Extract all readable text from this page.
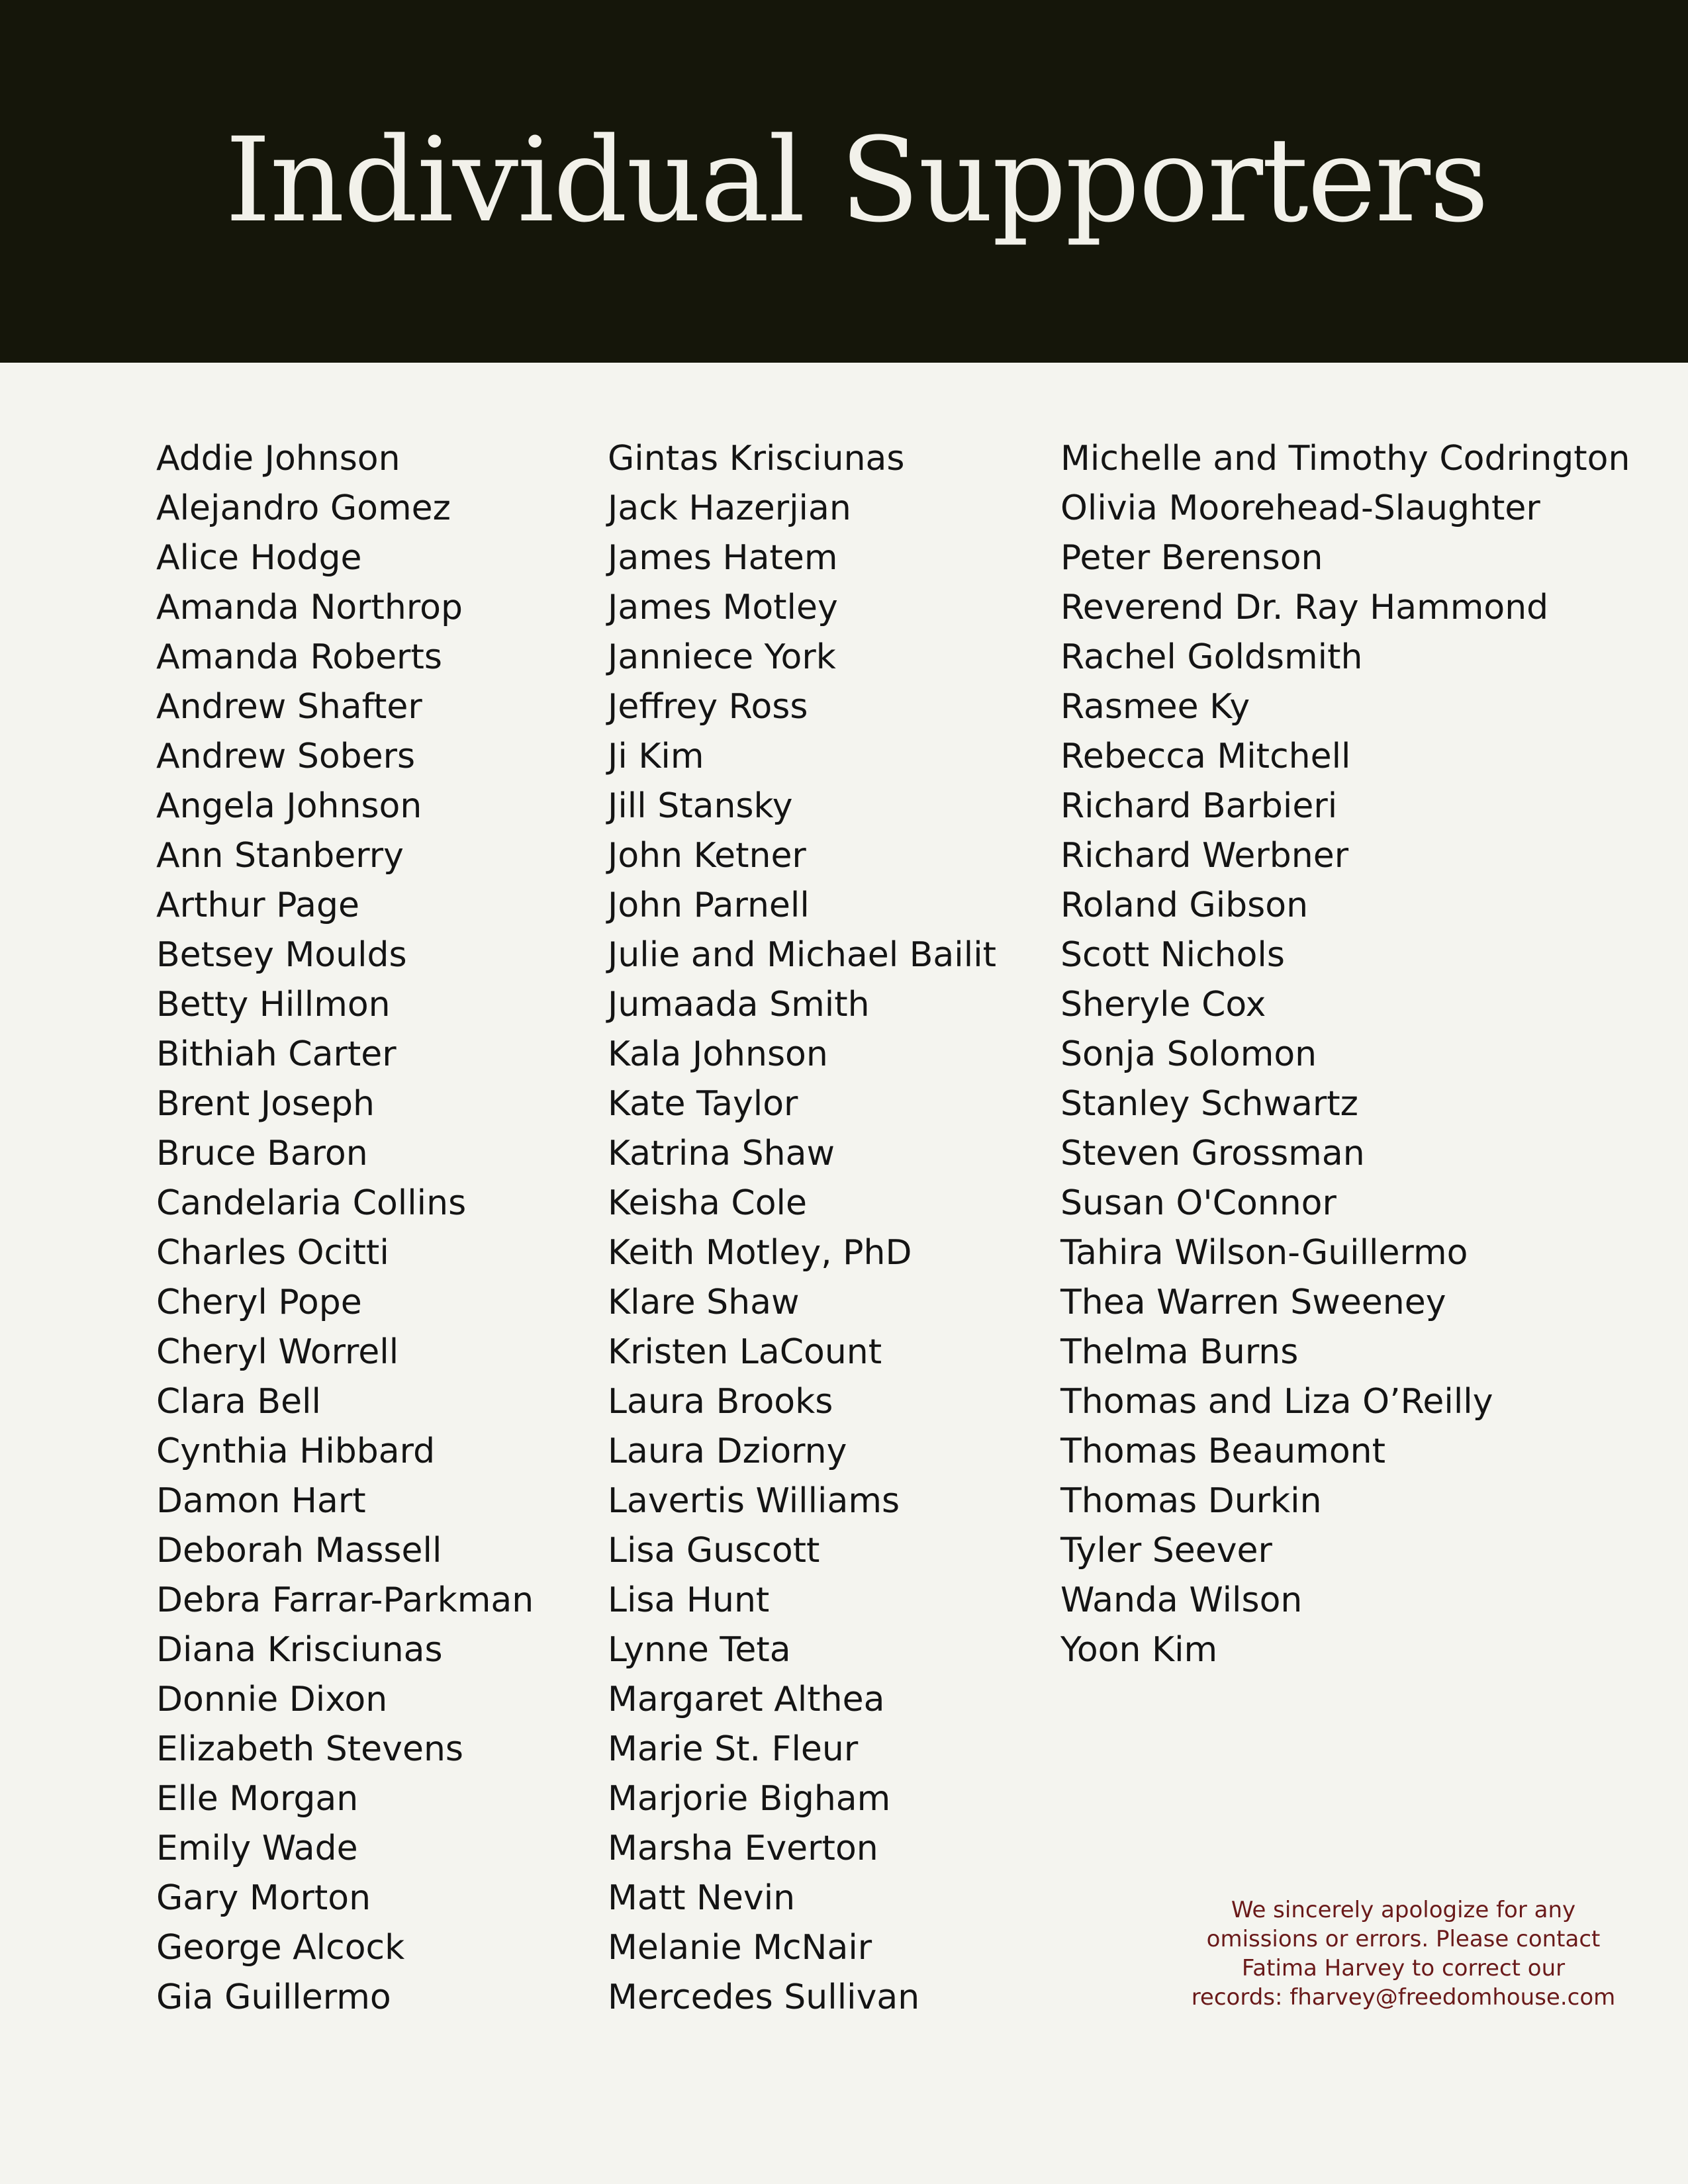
Individual Supporters
Addie Johnson
Alejandro Gomez
Alice Hodge
Amanda Northrop
Amanda Roberts
Andrew Shafter
Andrew Sobers
Angela Johnson
Ann Stanberry
Arthur Page
Betsey Moulds
Betty Hillmon
Bithiah Carter
Brent Joseph
Bruce Baron
Candelaria Collins
Charles Ocitti
Cheryl Pope
Cheryl Worrell
Clara Bell
Cynthia Hibbard
Damon Hart
Deborah Massell
Debra Farrar-Parkman
Diana Krisciunas
Donnie Dixon
Elizabeth Stevens
Elle Morgan
Emily Wade
Gary Morton
George Alcock
Gia Guillermo
Gintas Krisciunas
Jack Hazerjian
James Hatem
James Motley
Janniece York
Jeffrey Ross
Ji Kim
Jill Stansky
John Ketner
John Parnell
Julie and Michael Bailit
Jumaada Smith
Kala Johnson
Kate Taylor
Katrina Shaw
Keisha Cole
Keith Motley, PhD
Klare Shaw
Kristen LaCount
Laura Brooks
Laura Dziorny
Lavertis Williams
Lisa Guscott
Lisa Hunt
Lynne Teta
Margaret Althea
Marie St. Fleur
Marjorie Bigham
Marsha Everton
Matt Nevin
Melanie McNair
Mercedes Sullivan
Michelle and Timothy Codrington
Olivia Moorehead-Slaughter
Peter Berenson
Reverend Dr. Ray Hammond
Rachel Goldsmith
Rasmee Ky
Rebecca Mitchell
Richard Barbieri
Richard Werbner
Roland Gibson
Scott Nichols
Sheryle Cox
Sonja Solomon
Stanley Schwartz
Steven Grossman
Susan O'Connor
Tahira Wilson-Guillermo
Thea Warren Sweeney
Thelma Burns
Thomas and Liza O’Reilly
Thomas Beaumont
Thomas Durkin
Tyler Seever
Wanda Wilson
Yoon Kim

We sincerely apologize for any
omissions or errors. Please contact
Fatima Harvey to correct our
records: fharvey@freedomhouse.com
